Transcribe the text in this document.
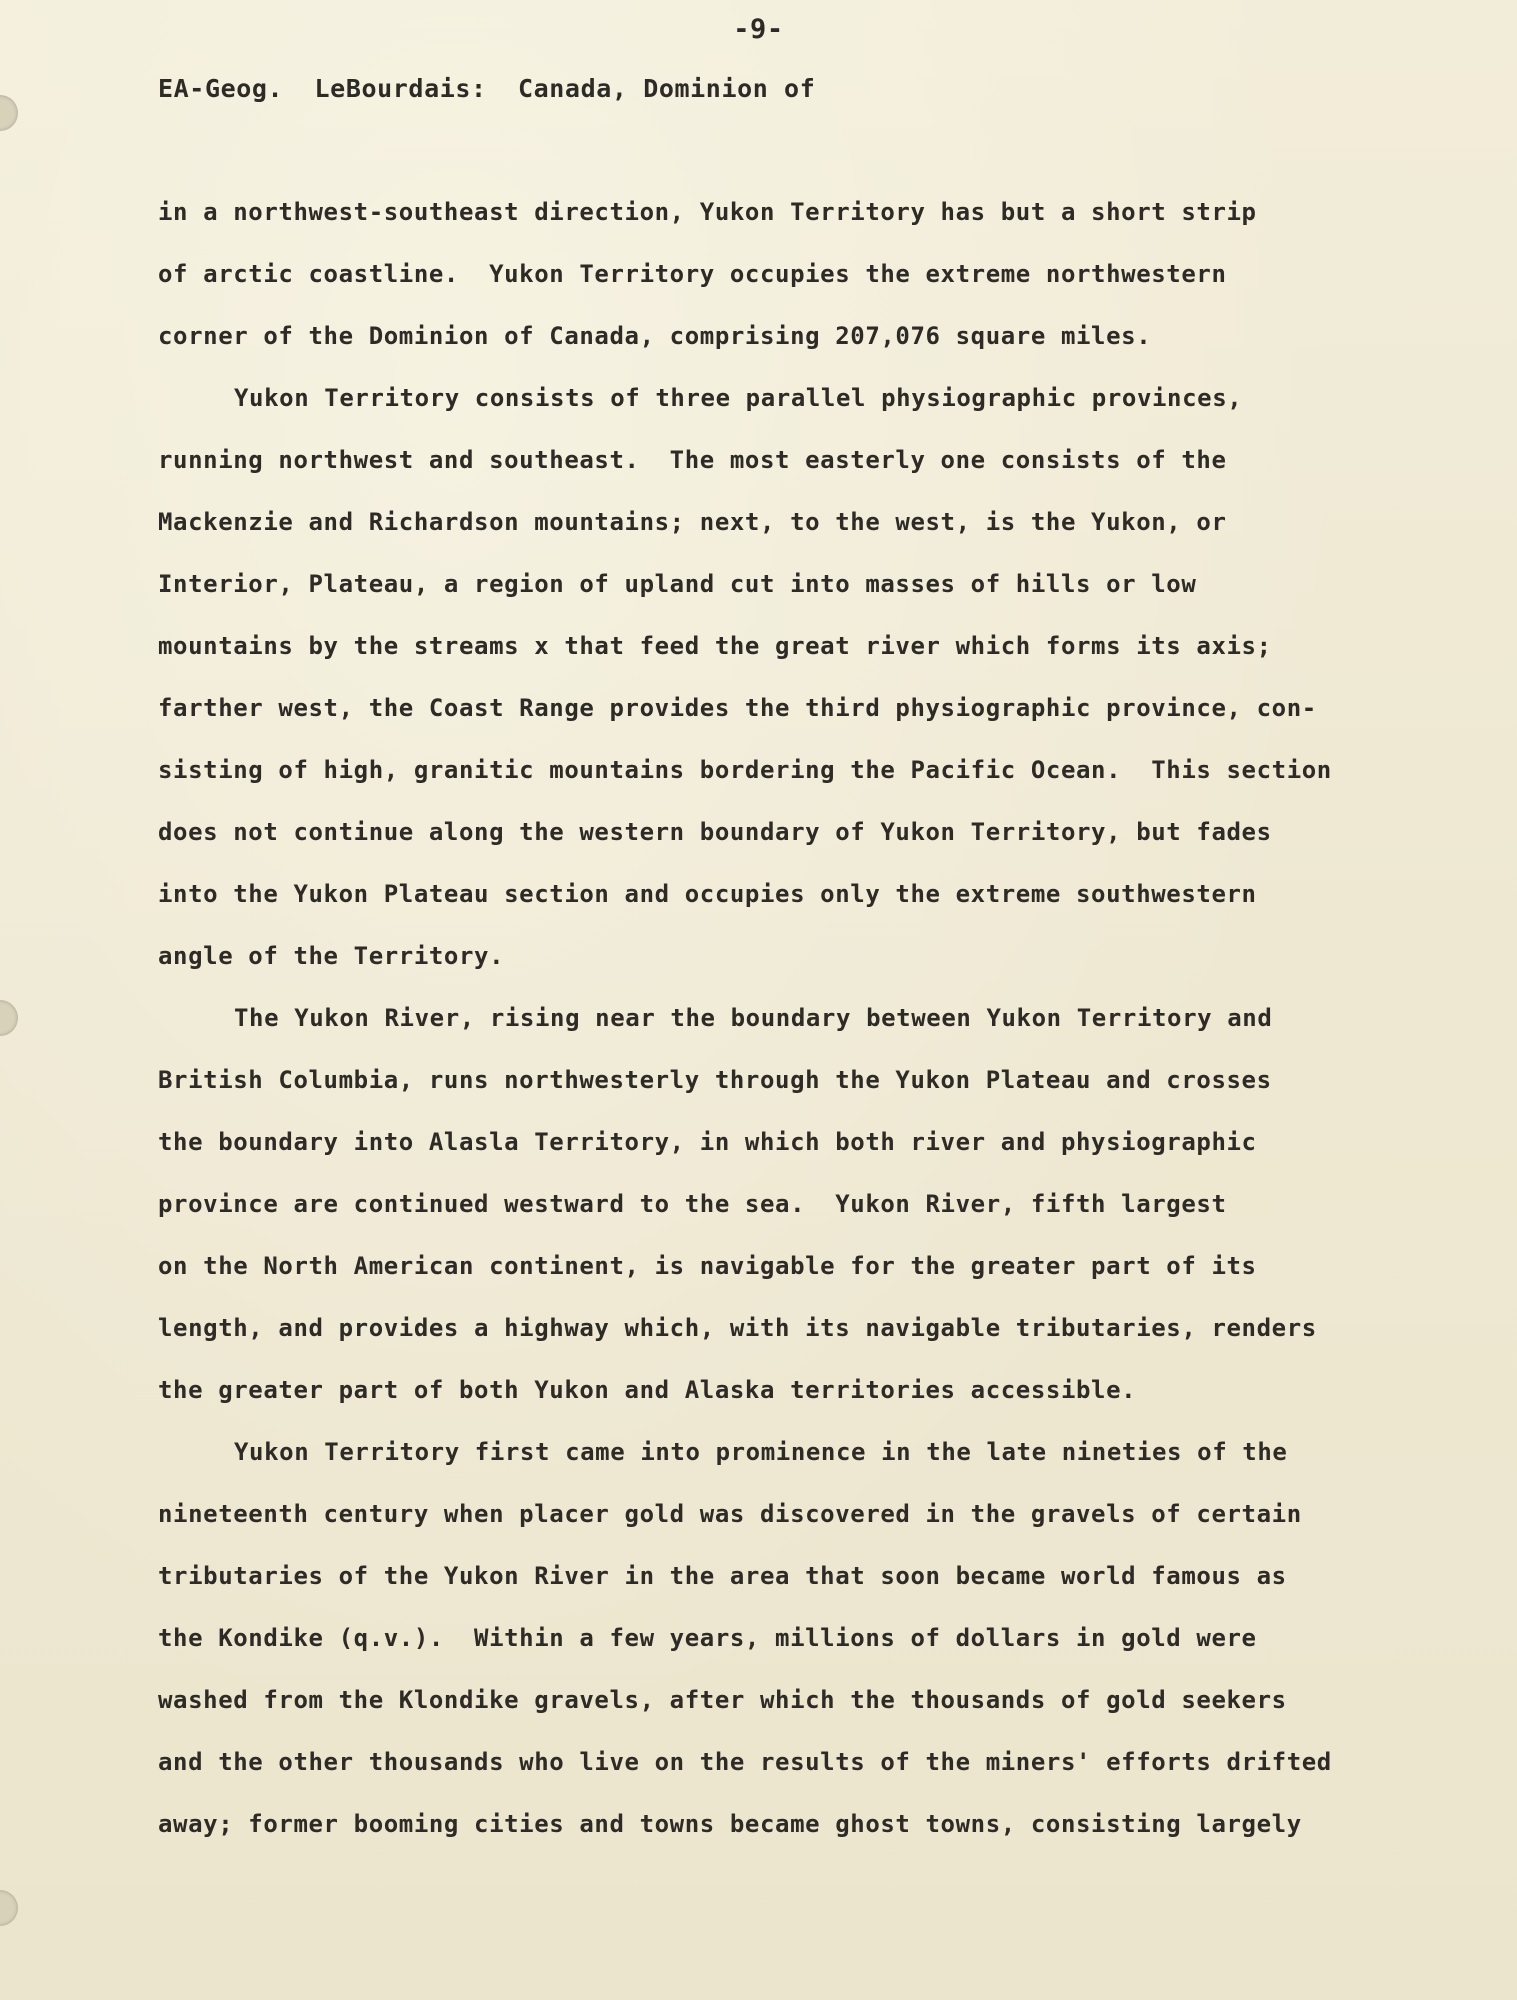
-9-
EA-Geog.  LeBourdais:  Canada, Dominion of
in a northwest-southeast direction, Yukon Territory has but a short strip
of arctic coastline.  Yukon Territory occupies the extreme northwestern
corner of the Dominion of Canada, comprising 207,076 square miles.
Yukon Territory consists of three parallel physiographic provinces,
running northwest and southeast.  The most easterly one consists of the
Mackenzie and Richardson mountains; next, to the west, is the Yukon, or
Interior, Plateau, a region of upland cut into masses of hills or low
mountains by the streams x that feed the great river which forms its axis;
farther west, the Coast Range provides the third physiographic province, con-
sisting of high, granitic mountains bordering the Pacific Ocean.  This section
does not continue along the western boundary of Yukon Territory, but fades
into the Yukon Plateau section and occupies only the extreme southwestern
angle of the Territory.
The Yukon River, rising near the boundary between Yukon Territory and
British Columbia, runs northwesterly through the Yukon Plateau and crosses
the boundary into Alasla Territory, in which both river and physiographic
province are continued westward to the sea.  Yukon River, fifth largest
on the North American continent, is navigable for the greater part of its
length, and provides a highway which, with its navigable tributaries, renders
the greater part of both Yukon and Alaska territories accessible.
Yukon Territory first came into prominence in the late nineties of the
nineteenth century when placer gold was discovered in the gravels of certain
tributaries of the Yukon River in the area that soon became world famous as
the Kondike (q.v.).  Within a few years, millions of dollars in gold were
washed from the Klondike gravels, after which the thousands of gold seekers
and the other thousands who live on the results of the miners' efforts drifted
away; former booming cities and towns became ghost towns, consisting largely
